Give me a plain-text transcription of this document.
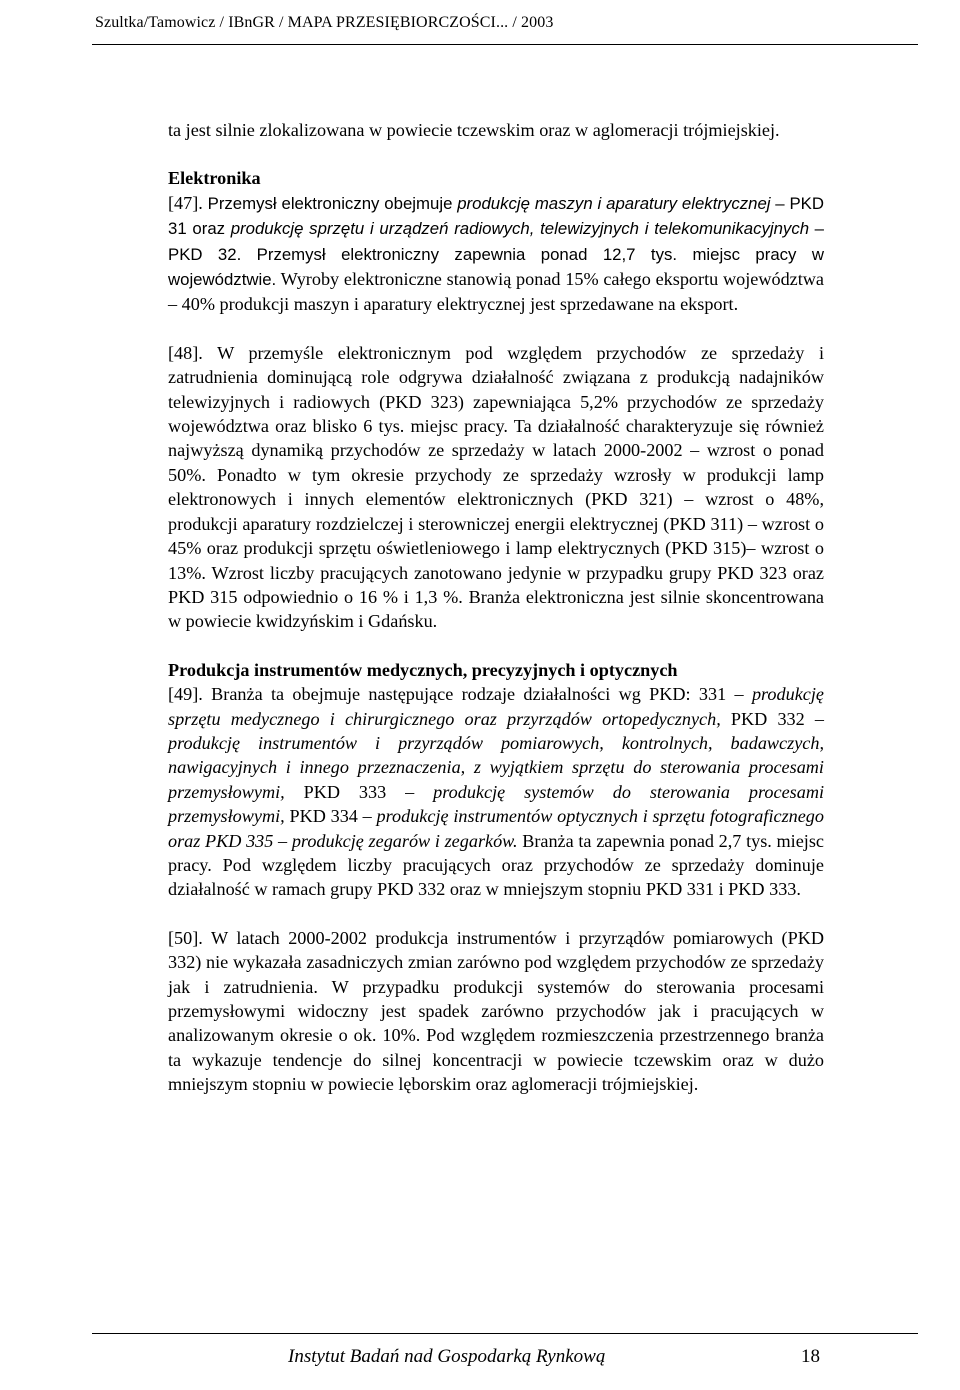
Szultka/Tamowicz / IBnGR / MAPA PRZESIĘBIORCZOŚCI... / 2003

ta jest silnie zlokalizowana w powiecie tczewskim oraz w aglomeracji trójmiejskiej.

Elektronika

[47]. Przemysł elektroniczny obejmuje produkcję maszyn i aparatury elektrycznej – PKD 31 oraz produkcję sprzętu i urządzeń radiowych, telewizyjnych i telekomunikacyjnych – PKD 32. Przemysł elektroniczny zapewnia ponad 12,7 tys. miejsc pracy w województwie. Wyroby elektroniczne stanowią ponad 15% całego eksportu województwa – 40% produkcji maszyn i aparatury elektrycznej jest sprzedawane na eksport.

[48]. W przemyśle elektronicznym pod względem przychodów ze sprzedaży i zatrudnienia dominującą role odgrywa działalność związana z produkcją nadajników telewizyjnych i radiowych (PKD 323) zapewniająca 5,2% przychodów ze sprzedaży województwa oraz blisko 6 tys. miejsc pracy. Ta działalność charakteryzuje się również najwyższą dynamiką przychodów ze sprzedaży w latach 2000-2002 – wzrost o ponad 50%. Ponadto w tym okresie przychody ze sprzedaży wzrosły w produkcji lamp elektronowych i innych elementów elektronicznych (PKD 321) – wzrost o 48%, produkcji aparatury rozdzielczej i sterowniczej energii elektrycznej (PKD 311) – wzrost o 45% oraz produkcji sprzętu oświetleniowego i lamp elektrycznych (PKD 315)– wzrost o 13%. Wzrost liczby pracujących zanotowano jedynie w przypadku grupy PKD 323 oraz PKD 315 odpowiednio o 16 % i 1,3 %. Branża elektroniczna jest silnie skoncentrowana w powiecie kwidzyńskim i Gdańsku.

Produkcja instrumentów medycznych, precyzyjnych i optycznych

[49]. Branża ta obejmuje następujące rodzaje działalności wg PKD: 331 – produkcję sprzętu medycznego i chirurgicznego oraz przyrządów ortopedycznych, PKD 332 – produkcję instrumentów i przyrządów pomiarowych, kontrolnych, badawczych, nawigacyjnych i innego przeznaczenia, z wyjątkiem sprzętu do sterowania procesami przemysłowymi, PKD 333 – produkcję systemów do sterowania procesami przemysłowymi, PKD 334 – produkcję instrumentów optycznych i sprzętu fotograficznego oraz PKD 335 – produkcję zegarów i zegarków. Branża ta zapewnia ponad 2,7 tys. miejsc pracy. Pod względem liczby pracujących oraz przychodów ze sprzedaży dominuje działalność w ramach grupy PKD 332 oraz w mniejszym stopniu PKD 331 i PKD 333.

[50]. W latach 2000-2002 produkcja instrumentów i przyrządów pomiarowych (PKD 332) nie wykazała zasadniczych zmian zarówno pod względem przychodów ze sprzedaży jak i zatrudnienia. W przypadku produkcji systemów do sterowania procesami przemysłowymi widoczny jest spadek zarówno przychodów jak i pracujących w analizowanym okresie o ok. 10%. Pod względem rozmieszczenia przestrzennego branża ta wykazuje tendencje do silnej koncentracji w powiecie tczewskim oraz w dużo mniejszym stopniu w powiecie lęborskim oraz aglomeracji trójmiejskiej.

Instytut Badań nad Gospodarką Rynkową	18
